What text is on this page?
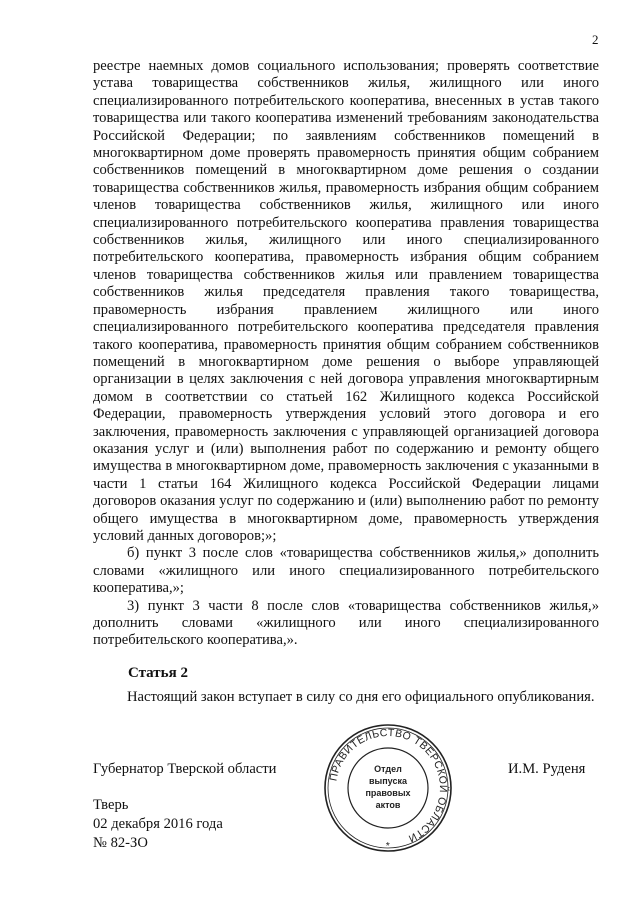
2

реестре наемных домов социального использования; проверять соответствие устава товарищества собственников жилья, жилищного или иного специализированного потребительского кооператива, внесенных в устав такого товарищества или такого кооператива изменений требованиям законодательства Российской Федерации; по заявлениям собственников помещений в многоквартирном доме проверять правомерность принятия общим собранием собственников помещений в многоквартирном доме решения о создании товарищества собственников жилья, правомерность избрания общим собранием членов товарищества собственников жилья, жилищного или иного специализированного потребительского кооператива правления товарищества собственников жилья, жилищного или иного специализированного потребительского кооператива, правомерность избрания общим собранием членов товарищества собственников жилья или правлением товарищества собственников жилья председателя правления такого товарищества, правомерность избрания правлением жилищного или иного специализированного потребительского кооператива председателя правления такого кооператива, правомерность принятия общим собранием собственников помещений в многоквартирном доме решения о выборе управляющей организации в целях заключения с ней договора управления многоквартирным домом в соответствии со статьей 162 Жилищного кодекса Российской Федерации, правомерность утверждения условий этого договора и его заключения, правомерность заключения с управляющей организацией договора оказания услуг и (или) выполнения работ по содержанию и ремонту общего имущества в многоквартирном доме, правомерность заключения с указанными в части 1 статьи 164 Жилищного кодекса Российской Федерации лицами договоров оказания услуг по содержанию и (или) выполнению работ по ремонту общего имущества в многоквартирном доме, правомерность утверждения условий данных договоров;»;

б) пункт 3 после слов «товарищества собственников жилья,» дополнить словами «жилищного или иного специализированного потребительского кооператива,»;

3) пункт 3 части 8 после слов «товарищества собственников жилья,» дополнить словами «жилищного или иного специализированного потребительского кооператива,».

Статья 2
Настоящий закон вступает в силу со дня его официального опубликования.
Губернатор Тверской области	И.М. Руденя
Тверь
02 декабря 2016 года
№ 82-ЗО
ПРАВИТЕЛЬСТВО ТВЕРСКОЙ ОБЛАСТИ
*
Отдел
выпуска
правовых
актов
